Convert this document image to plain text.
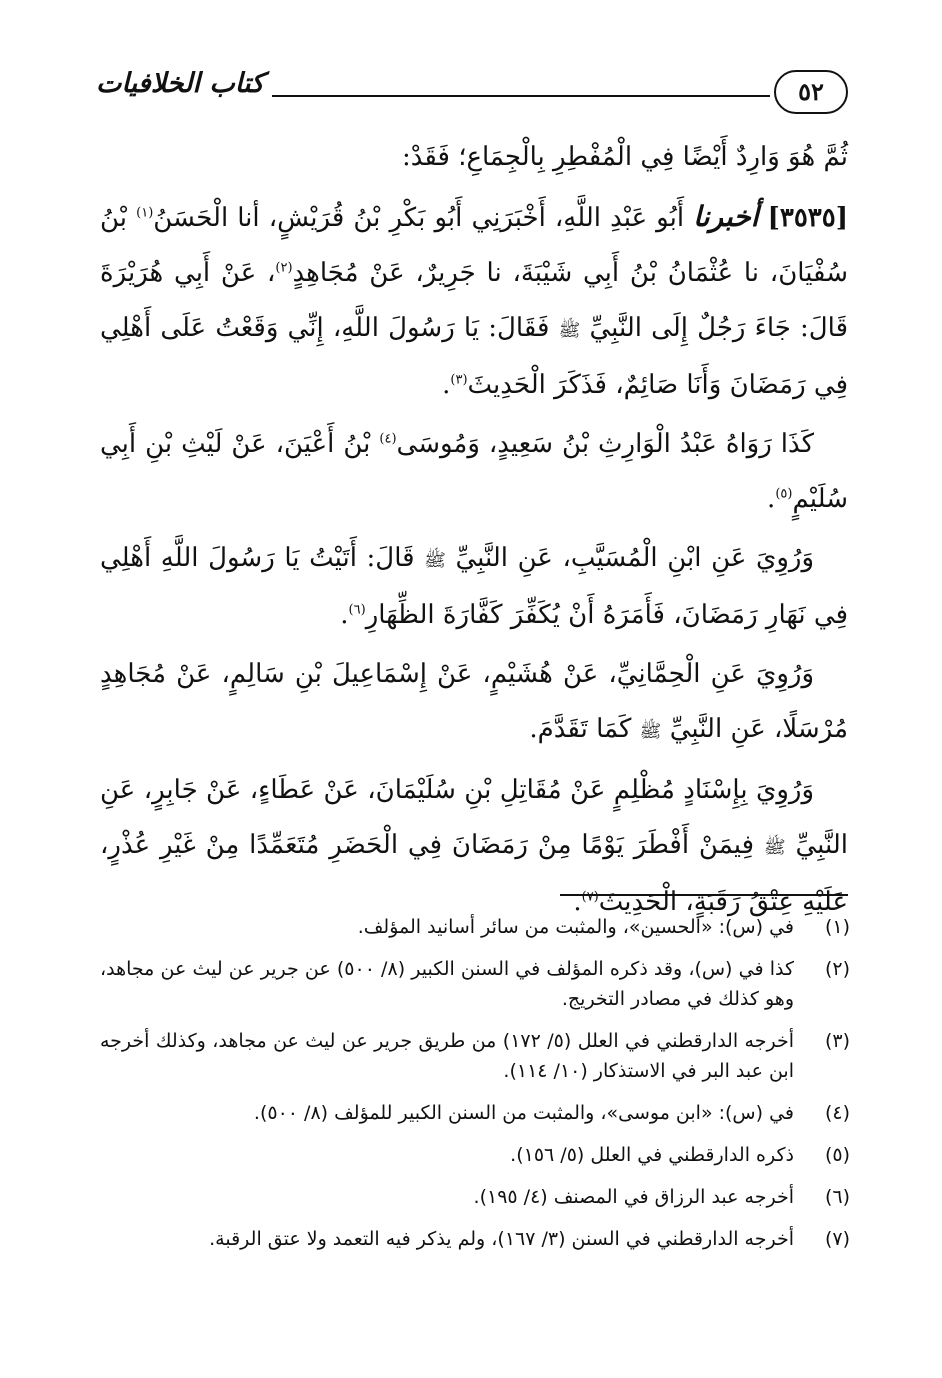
كتاب الخلافيات	٥٢

ثُمَّ هُوَ وَارِدٌ أَيْضًا فِي الْمُفْطِرِ بِالْجِمَاعِ؛ فَقَدْ:

[٣٥٣٥] أخبرنا أَبُو عَبْدِ اللَّهِ، أَخْبَرَنِي أَبُو بَكْرِ بْنُ قُرَيْشٍ، أنا الْحَسَنُ$^{(١)}$ بْنُ سُفْيَانَ، نا عُثْمَانُ بْنُ أَبِي شَيْبَةَ، نا جَرِيرٌ، عَنْ مُجَاهِدٍ$^{(٢)}$، عَنْ أَبِي هُرَيْرَةَ قَالَ: جَاءَ رَجُلٌ إِلَى النَّبِيِّ ﷺ فَقَالَ: يَا رَسُولَ اللَّهِ، إِنِّي وَقَعْتُ عَلَى أَهْلِي فِي رَمَضَانَ وَأَنَا صَائِمٌ، فَذَكَرَ الْحَدِيثَ$^{(٣)}$.

كَذَا رَوَاهُ عَبْدُ الْوَارِثِ بْنُ سَعِيدٍ، وَمُوسَى$^{(٤)}$ بْنُ أَعْيَنَ، عَنْ لَيْثِ بْنِ أَبِي سُلَيْمٍ$^{(٥)}$.

وَرُوِيَ عَنِ ابْنِ الْمُسَيَّبِ، عَنِ النَّبِيِّ ﷺ قَالَ: أَتَيْتُ يَا رَسُولَ اللَّهِ أَهْلِي فِي نَهَارِ رَمَضَانَ، فَأَمَرَهُ أَنْ يُكَفِّرَ كَفَّارَةَ الظِّهَارِ$^{(٦)}$.

وَرُوِيَ عَنِ الْحِمَّانِيِّ، عَنْ هُشَيْمٍ، عَنْ إِسْمَاعِيلَ بْنِ سَالِمٍ، عَنْ مُجَاهِدٍ مُرْسَلًا، عَنِ النَّبِيِّ ﷺ كَمَا تَقَدَّمَ.

وَرُوِيَ بِإِسْنَادٍ مُظْلِمٍ عَنْ مُقَاتِلِ بْنِ سُلَيْمَانَ، عَنْ عَطَاءٍ، عَنْ جَابِرٍ، عَنِ النَّبِيِّ ﷺ فِيمَنْ أَفْطَرَ يَوْمًا مِنْ رَمَضَانَ فِي الْحَضَرِ مُتَعَمِّدًا مِنْ غَيْرِ عُذْرٍ، عَلَيْهِ عِتْقُ رَقَبَةٍ، الْحَدِيثَ$^{(٧)}$.

(١)
في (س): «الحسين»، والمثبت من سائر أسانيد المؤلف.
(٢)
كذا في (س)، وقد ذكره المؤلف في السنن الكبير (٨/ ٥٠٠) عن جرير عن ليث عن مجاهد، وهو كذلك في مصادر التخريج.
(٣)
أخرجه الدارقطني في العلل (٥/ ١٧٢) من طريق جرير عن ليث عن مجاهد، وكذلك أخرجه ابن عبد البر في الاستذكار (١٠/ ١١٤).
(٤)
في (س): «ابن موسى»، والمثبت من السنن الكبير للمؤلف (٨/ ٥٠٠).
(٥)
ذكره الدارقطني في العلل (٥/ ١٥٦).
(٦)
أخرجه عبد الرزاق في المصنف (٤/ ١٩٥).
(٧)
أخرجه الدارقطني في السنن (٣/ ١٦٧)، ولم يذكر فيه التعمد ولا عتق الرقبة.
